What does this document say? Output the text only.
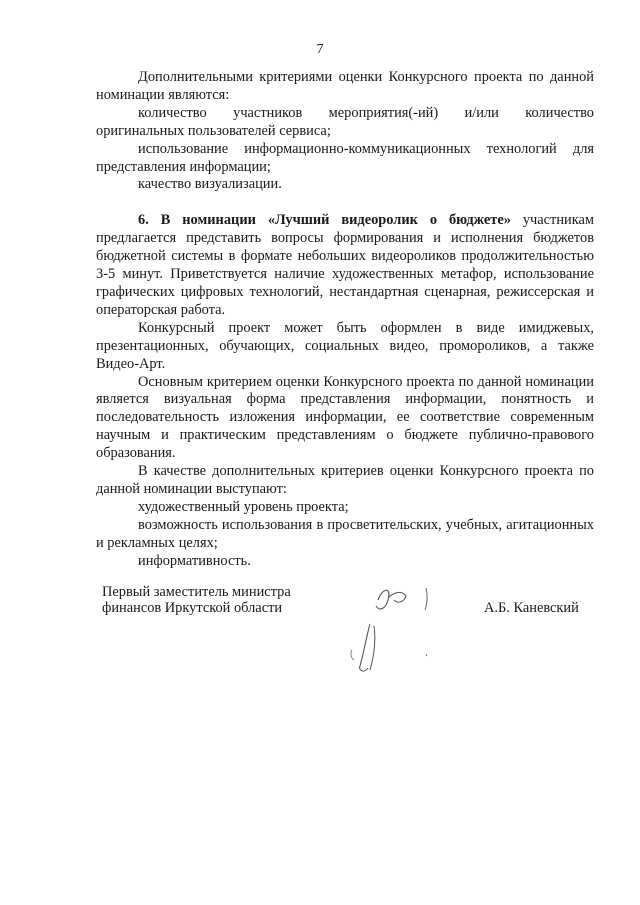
7

Дополнительными критериями оценки Конкурсного проекта по данной номинации являются:

количество участников мероприятия(-ий) и/или количество оригинальных пользователей сервиса;

использование информационно-коммуникационных технологий для представления информации;

качество визуализации.

6. В номинации «Лучший видеоролик о бюджете» участникам предлагается представить вопросы формирования и исполнения бюджетов бюджетной системы в формате небольших видеороликов продолжительностью 3-5 минут. Приветствуется наличие художественных метафор, использование графических цифровых технологий, нестандартная сценарная, режиссерская и операторская работа.

Конкурсный проект может быть оформлен в виде имиджевых, презентационных, обучающих, социальных видео, промороликов, а также Видео-Арт.

Основным критерием оценки Конкурсного проекта по данной номинации является визуальная форма представления информации, понятность и последовательность изложения информации, ее соответствие современным научным и практическим представлениям о бюджете публично-правового образования.

В качестве дополнительных критериев оценки Конкурсного проекта по данной номинации выступают:

художественный уровень проекта;

возможность использования в просветительских, учебных, агитационных и рекламных целях;

информативность.

Первый заместитель министра
финансов Иркутской области	А.Б. Каневский
